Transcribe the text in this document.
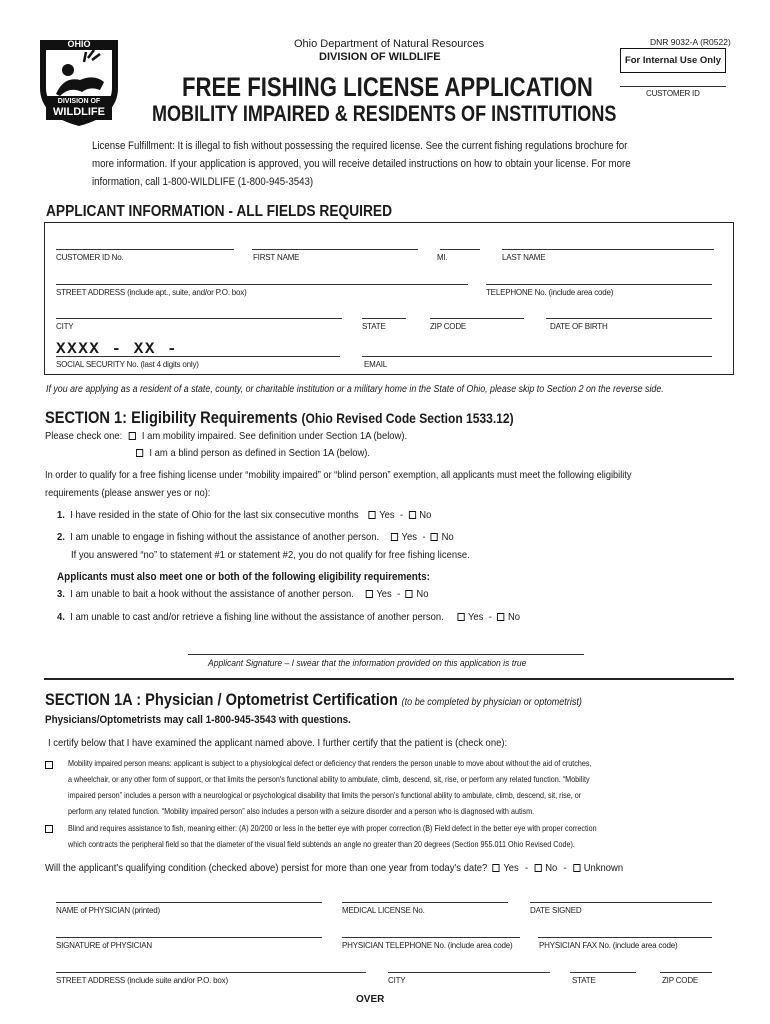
OHIO
DIVISION OF
WILDLIFE
Ohio Department of Natural Resources
DIVISION OF WILDLIFE
DNR 9032-A (R0522)
For Internal Use Only
CUSTOMER ID
FREE FISHING LICENSE APPLICATION
MOBILITY IMPAIRED & RESIDENTS OF INSTITUTIONS
License Fulfillment: It is illegal to fish without possessing the required license. See the current fishing regulations brochure for
more information. If your application is approved, you will receive detailed instructions on how to obtain your license. For more
information, call 1-800-WILDLIFE (1-800-945-3543)
APPLICANT INFORMATION - ALL FIELDS REQUIRED
CUSTOMER ID No.	FIRST NAME	MI.	LAST NAME
STREET ADDRESS (include apt., suite, and/or P.O. box)	TELEPHONE No. (include area code)
CITY	STATE	ZIP CODE	DATE OF BIRTH
XXXX - XX -
SOCIAL SECURITY No. (last 4 digits only)	EMAIL
If you are applying as a resident of a state, county, or charitable institution or a military home in the State of Ohio, please skip to Section 2 on the reverse side.
SECTION 1: Eligibility Requirements (Ohio Revised Code Section 1533.12)
Please check one: I am mobility impaired. See definition under Section 1A (below).
I am a blind person as defined in Section 1A (below).
In order to qualify for a free fishing license under “mobility impaired” or “blind person” exemption, all applicants must meet the following eligibility
requirements (please answer yes or no):
1. I have resided in the state of Ohio for the last six consecutive months Yes - No
2. I am unable to engage in fishing without the assistance of another person. Yes - No
If you answered “no” to statement #1 or statement #2, you do not qualify for free fishing license.
Applicants must also meet one or both of the following eligibility requirements:
3. I am unable to bait a hook without the assistance of another person. Yes - No
4. I am unable to cast and/or retrieve a fishing line without the assistance of another person. Yes - No
Applicant Signature – I swear that the information provided on this application is true
SECTION 1A : Physician / Optometrist Certification (to be completed by physician or optometrist)
Physicians/Optometrists may call 1-800-945-3543 with questions.
I certify below that I have examined the applicant named above. I further certify that the patient is (check one):
Mobility impaired person means: applicant is subject to a physiological defect or deficiency that renders the person unable to move about without the aid of crutches,
a wheelchair, or any other form of support, or that limits the person's functional ability to ambulate, climb, descend, sit, rise, or perform any related function. “Mobility
impaired person” includes a person with a neurological or psychological disability that limits the person's functional ability to ambulate, climb, descend, sit, rise, or
perform any related function. “Mobility impaired person” also includes a person with a seizure disorder and a person who is diagnosed with autism.
Blind and requires assistance to fish, meaning either: (A) 20/200 or less in the better eye with proper correction (B) Field defect in the better eye with proper correction
which contracts the peripheral field so that the diameter of the visual field subtends an angle no greater than 20 degrees (Section 955.011 Ohio Revised Code).
Will the applicant's qualifying condition (checked above) persist for more than one year from today's date? Yes - No - Unknown
NAME of PHYSICIAN (printed)	MEDICAL LICENSE No.	DATE SIGNED
SIGNATURE of PHYSICIAN	PHYSICIAN TELEPHONE No. (include area code)	PHYSICIAN FAX No. (include area code)
STREET ADDRESS (include suite and/or P.O. box)	CITY	STATE	ZIP CODE
OVER
